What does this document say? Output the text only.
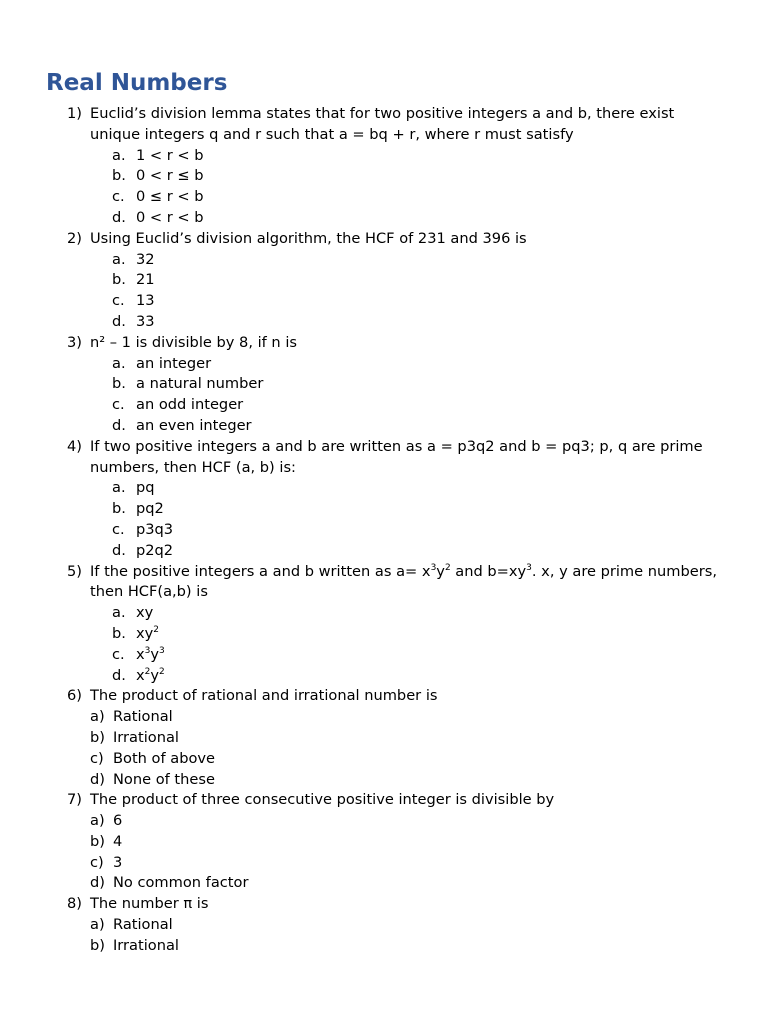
Real Numbers
1) Euclid’s division lemma states that for two positive integers a and b, there exist unique integers q and r such that a = bq + r, where r must satisfy
a. 1 < r < b
b. 0 < r ≤ b
c. 0 ≤ r < b
d. 0 < r < b
2) Using Euclid’s division algorithm, the HCF of 231 and 396 is
a. 32
b. 21
c. 13
d. 33
3) n² – 1 is divisible by 8, if n is
a. an integer
b. a natural number
c. an odd integer
d. an even integer
4) If two positive integers a and b are written as a = p3q2 and b = pq3; p, q are prime numbers, then HCF (a, b) is:
a. pq
b. pq2
c. p3q3
d. p2q2
5) If the positive integers a and b written as $a= x^3y^2$ and $b=xy^3$. x, y are prime numbers, then HCF(a,b) is
a. xy
b. $xy^2$
c. $x^3y^3$
d. $x^2y^2$
6) The product of rational and irrational number is
a) Rational
b) Irrational
c) Both of above
d) None of these
7) The product of three consecutive positive integer is divisible by
a) 6
b) 4
c) 3
d) No common factor
8) The number π is
a) Rational
b) Irrational
